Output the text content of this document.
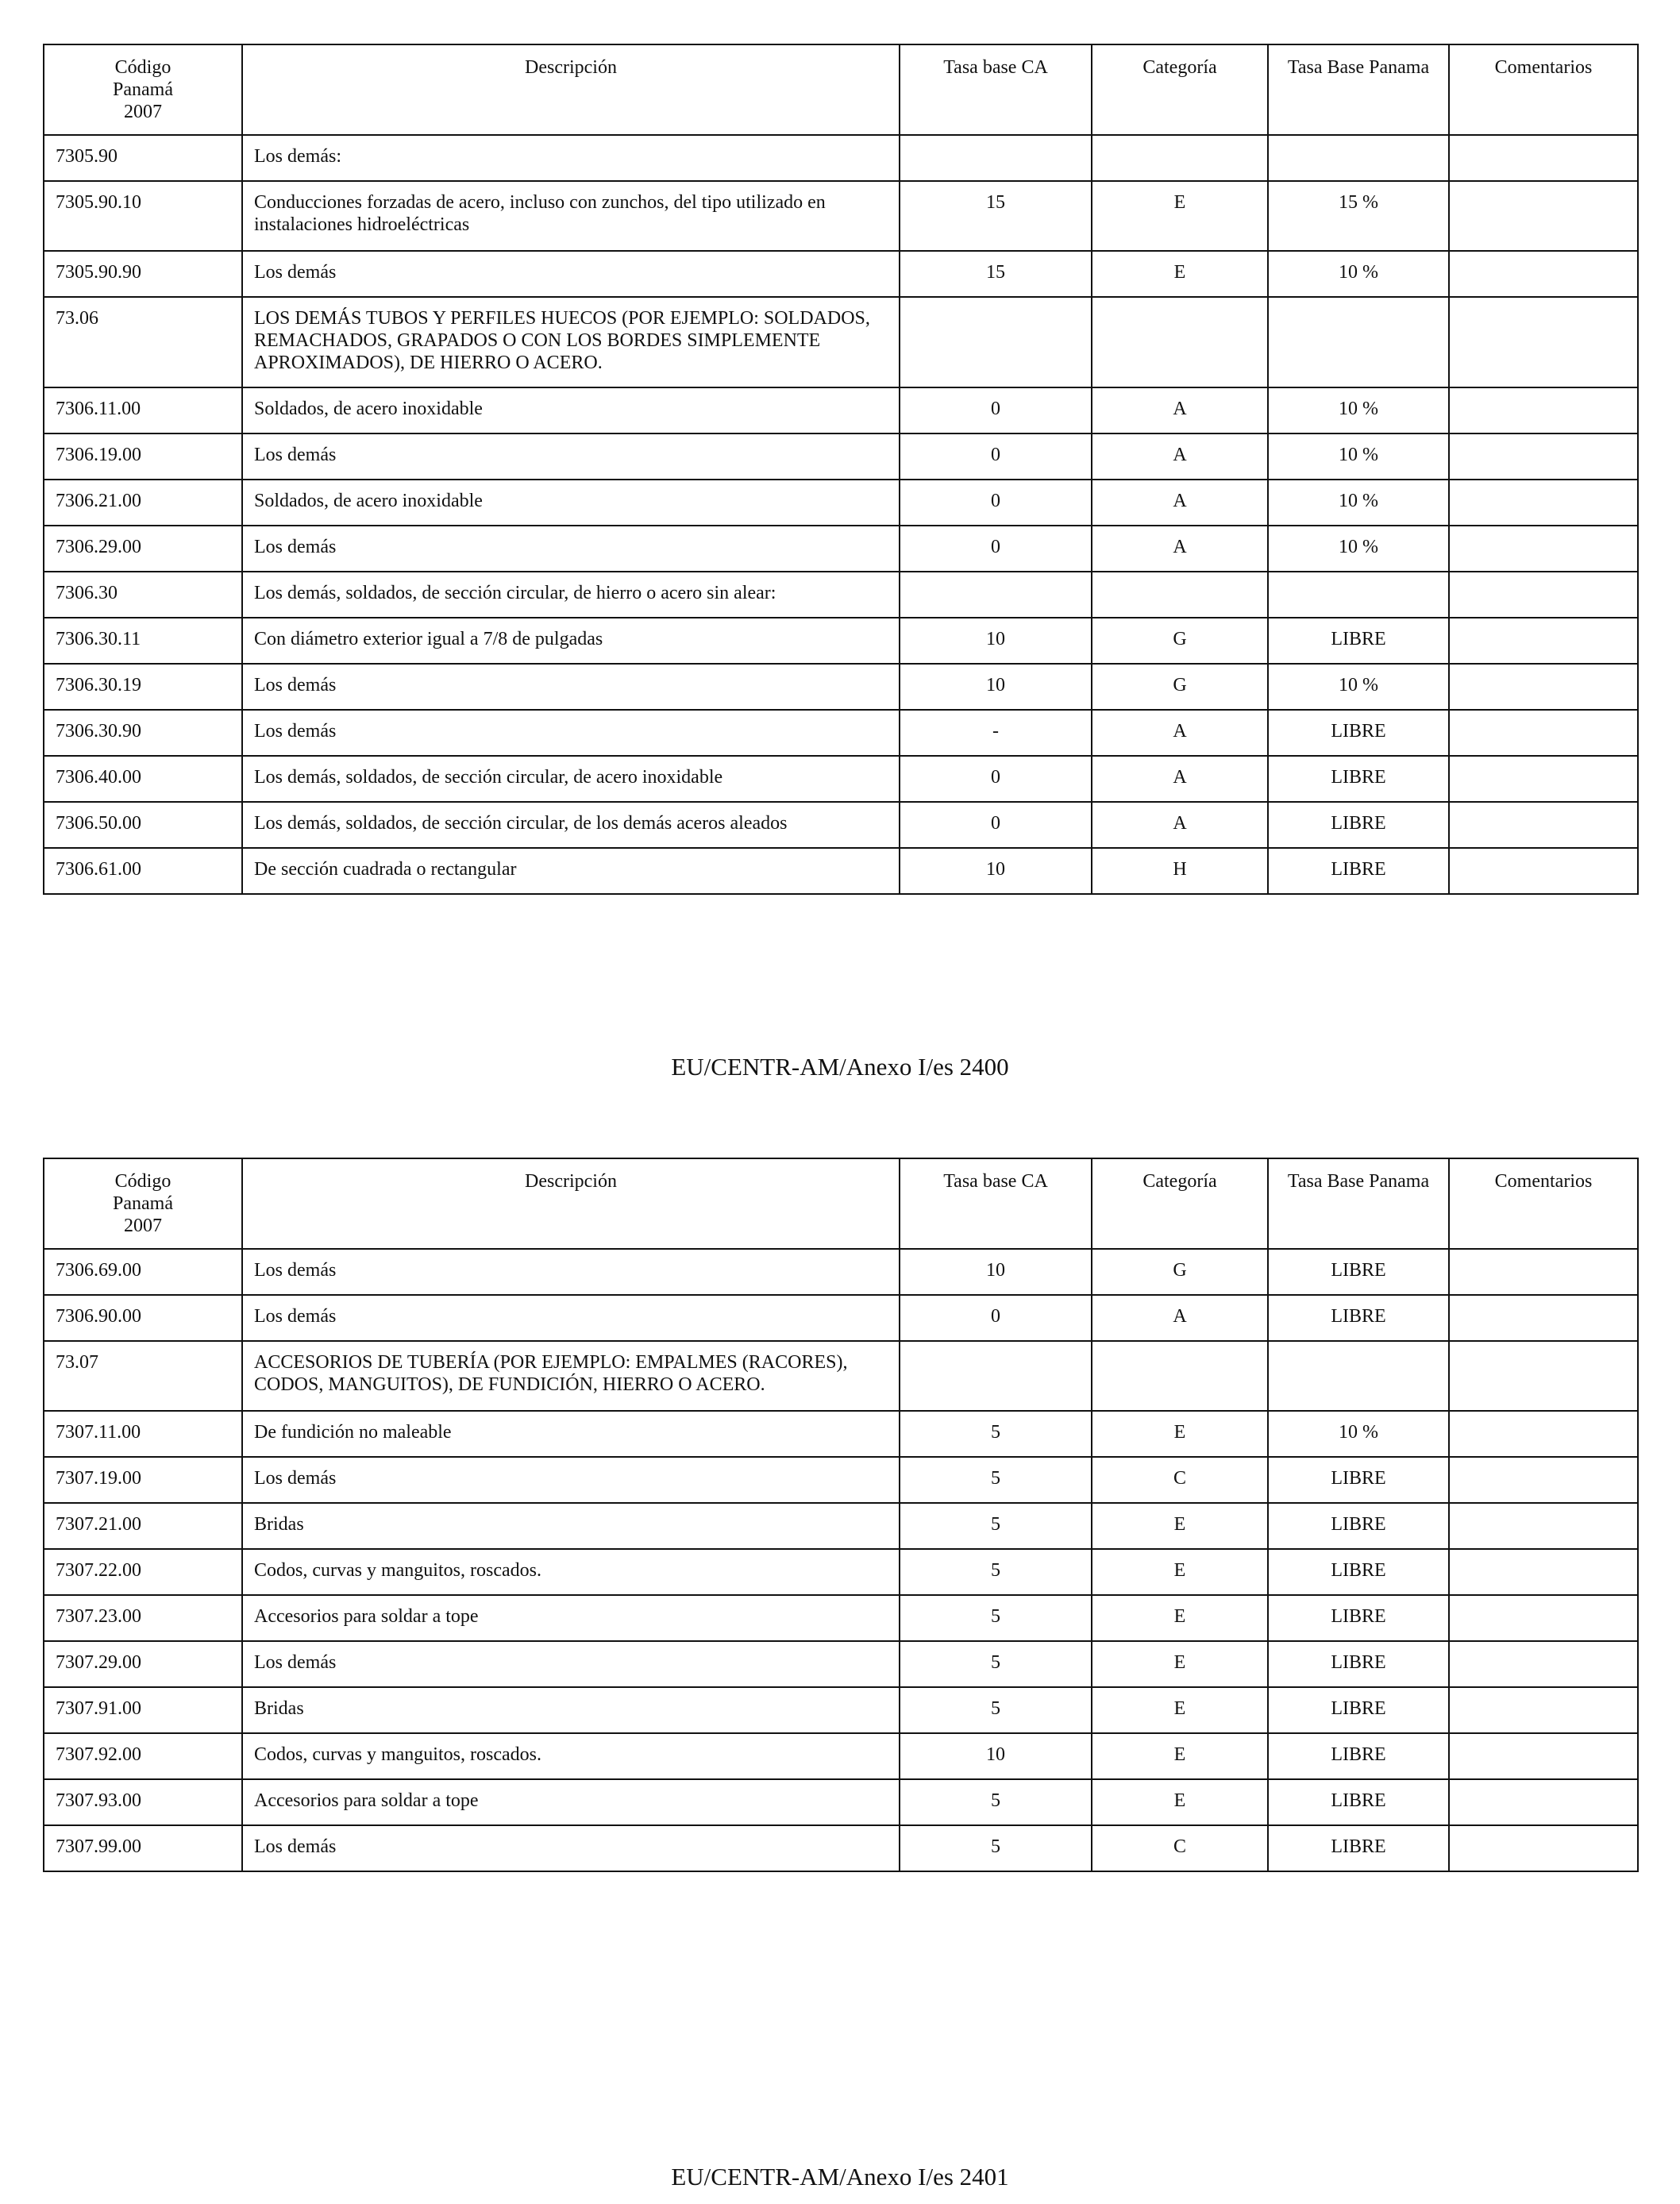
Código
Panamá
2007	Descripción	Tasa base CA	Categoría	Tasa Base Panama	Comentarios
7305.90	Los demás:				
7305.90.10	Conducciones forzadas de acero, incluso con zunchos, del tipo utilizado en instalaciones hidroeléctricas	15	E	15 %	
7305.90.90	Los demás	15	E	10 %	
73.06	LOS DEMÁS TUBOS Y PERFILES HUECOS (POR EJEMPLO: SOLDADOS, REMACHADOS, GRAPADOS O CON LOS BORDES SIMPLEMENTE APROXIMADOS), DE HIERRO O ACERO.				
7306.11.00	Soldados, de acero inoxidable	0	A	10 %	
7306.19.00	Los demás	0	A	10 %	
7306.21.00	Soldados, de acero inoxidable	0	A	10 %	
7306.29.00	Los demás	0	A	10 %	
7306.30	Los demás, soldados, de sección circular, de hierro o acero sin alear:				
7306.30.11	Con diámetro exterior igual a 7/8 de pulgadas	10	G	LIBRE	
7306.30.19	Los demás	10	G	10 %	
7306.30.90	Los demás	-	A	LIBRE	
7306.40.00	Los demás, soldados, de sección circular, de acero inoxidable	0	A	LIBRE	
7306.50.00	Los demás, soldados, de sección circular, de los demás aceros aleados	0	A	LIBRE	
7306.61.00	De sección cuadrada o rectangular	10	H	LIBRE	
EU/CENTR-AM/Anexo I/es 2400
Código
Panamá
2007	Descripción	Tasa base CA	Categoría	Tasa Base Panama	Comentarios
7306.69.00	Los demás	10	G	LIBRE	
7306.90.00	Los demás	0	A	LIBRE	
73.07	ACCESORIOS DE TUBERÍA (POR EJEMPLO: EMPALMES (RACORES), CODOS, MANGUITOS), DE FUNDICIÓN, HIERRO O ACERO.				
7307.11.00	De fundición no maleable	5	E	10 %	
7307.19.00	Los demás	5	C	LIBRE	
7307.21.00	Bridas	5	E	LIBRE	
7307.22.00	Codos, curvas y manguitos, roscados.	5	E	LIBRE	
7307.23.00	Accesorios para soldar a tope	5	E	LIBRE	
7307.29.00	Los demás	5	E	LIBRE	
7307.91.00	Bridas	5	E	LIBRE	
7307.92.00	Codos, curvas y manguitos, roscados.	10	E	LIBRE	
7307.93.00	Accesorios para soldar a tope	5	E	LIBRE	
7307.99.00	Los demás	5	C	LIBRE	
EU/CENTR-AM/Anexo I/es 2401
